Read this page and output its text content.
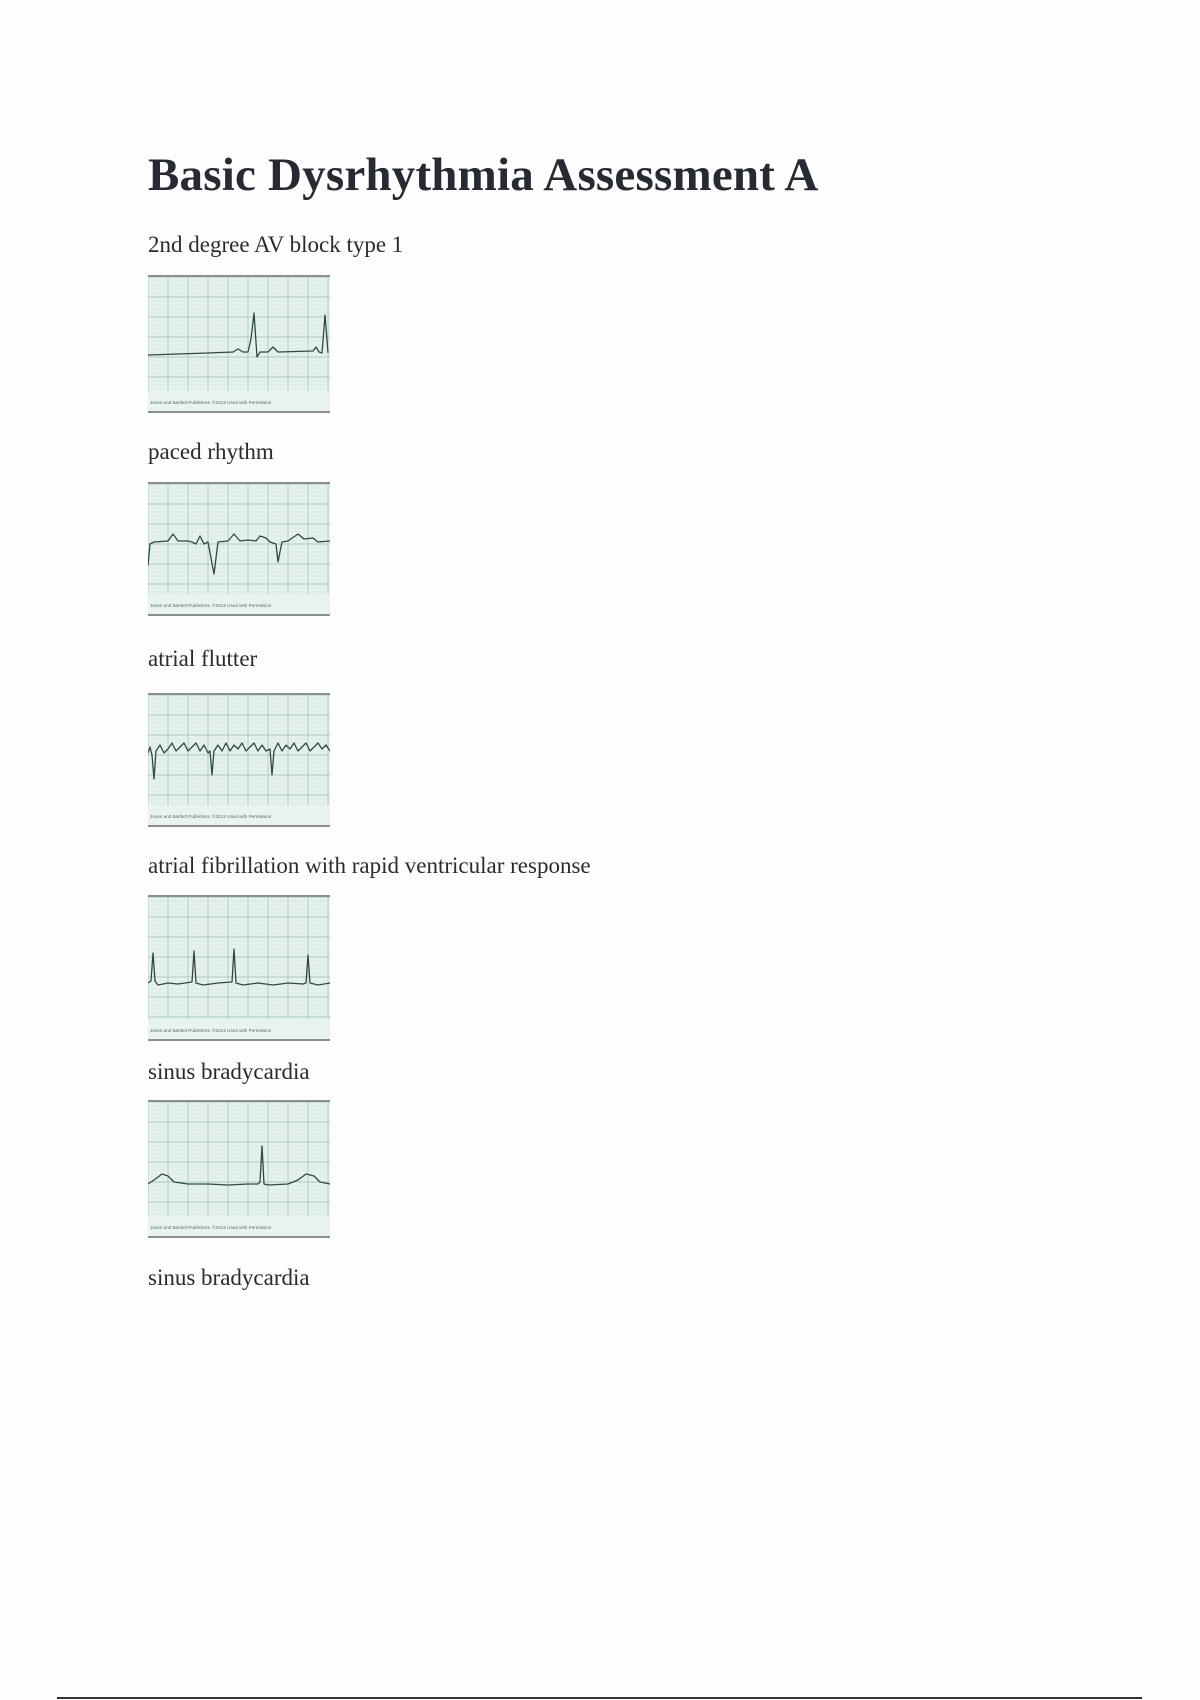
Basic Dysrhythmia Assessment A
2nd degree AV block type 1
Jones and Bartlett Publishers. ©2012 Used with Permission
paced rhythm
Jones and Bartlett Publishers. ©2012 Used with Permission
atrial flutter
Jones and Bartlett Publishers. ©2012 Used with Permission
atrial fibrillation with rapid ventricular response
Jones and Bartlett Publishers. ©2012 Used with Permission
sinus bradycardia
Jones and Bartlett Publishers. ©2012 Used with Permission
sinus bradycardia
